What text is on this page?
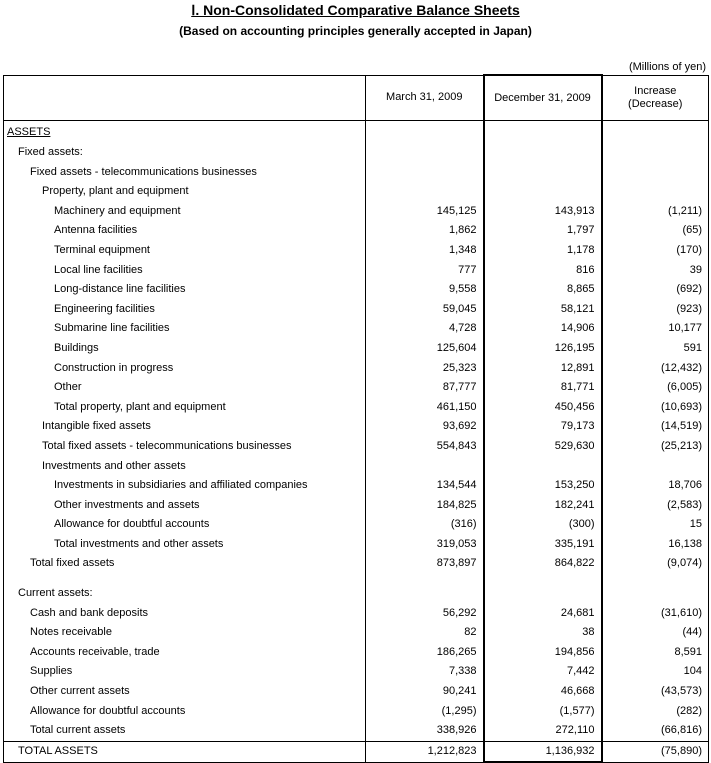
Ⅰ. Non-Consolidated Comparative Balance Sheets
(Based on accounting principles generally accepted in Japan)
(Millions of yen)
	March 31, 2009	December 31, 2009	Increase
(Decrease)
ASSETS			
Fixed assets:			
Fixed assets - telecommunications businesses			
Property, plant and equipment			
Machinery and equipment	145,125	143,913	(1,211)
Antenna facilities	1,862	1,797	(65)
Terminal equipment	1,348	1,178	(170)
Local line facilities	777	816	39
Long-distance line facilities	9,558	8,865	(692)
Engineering facilities	59,045	58,121	(923)
Submarine line facilities	4,728	14,906	10,177
Buildings	125,604	126,195	591
Construction in progress	25,323	12,891	(12,432)
Other	87,777	81,771	(6,005)
Total property, plant and equipment	461,150	450,456	(10,693)
Intangible fixed assets	93,692	79,173	(14,519)
Total fixed assets - telecommunications businesses	554,843	529,630	(25,213)
Investments and other assets			
Investments in subsidiaries and affiliated companies	134,544	153,250	18,706
Other investments and assets	184,825	182,241	(2,583)
Allowance for doubtful accounts	(316)	(300)	15
Total investments and other assets	319,053	335,191	16,138
Total fixed assets	873,897	864,822	(9,074)

Current assets:			
Cash and bank deposits	56,292	24,681	(31,610)
Notes receivable	82	38	(44)
Accounts receivable, trade	186,265	194,856	8,591
Supplies	7,338	7,442	104
Other current assets	90,241	46,668	(43,573)
Allowance for doubtful accounts	(1,295)	(1,577)	(282)
Total current assets	338,926	272,110	(66,816)
TOTAL ASSETS	1,212,823	1,136,932	(75,890)
